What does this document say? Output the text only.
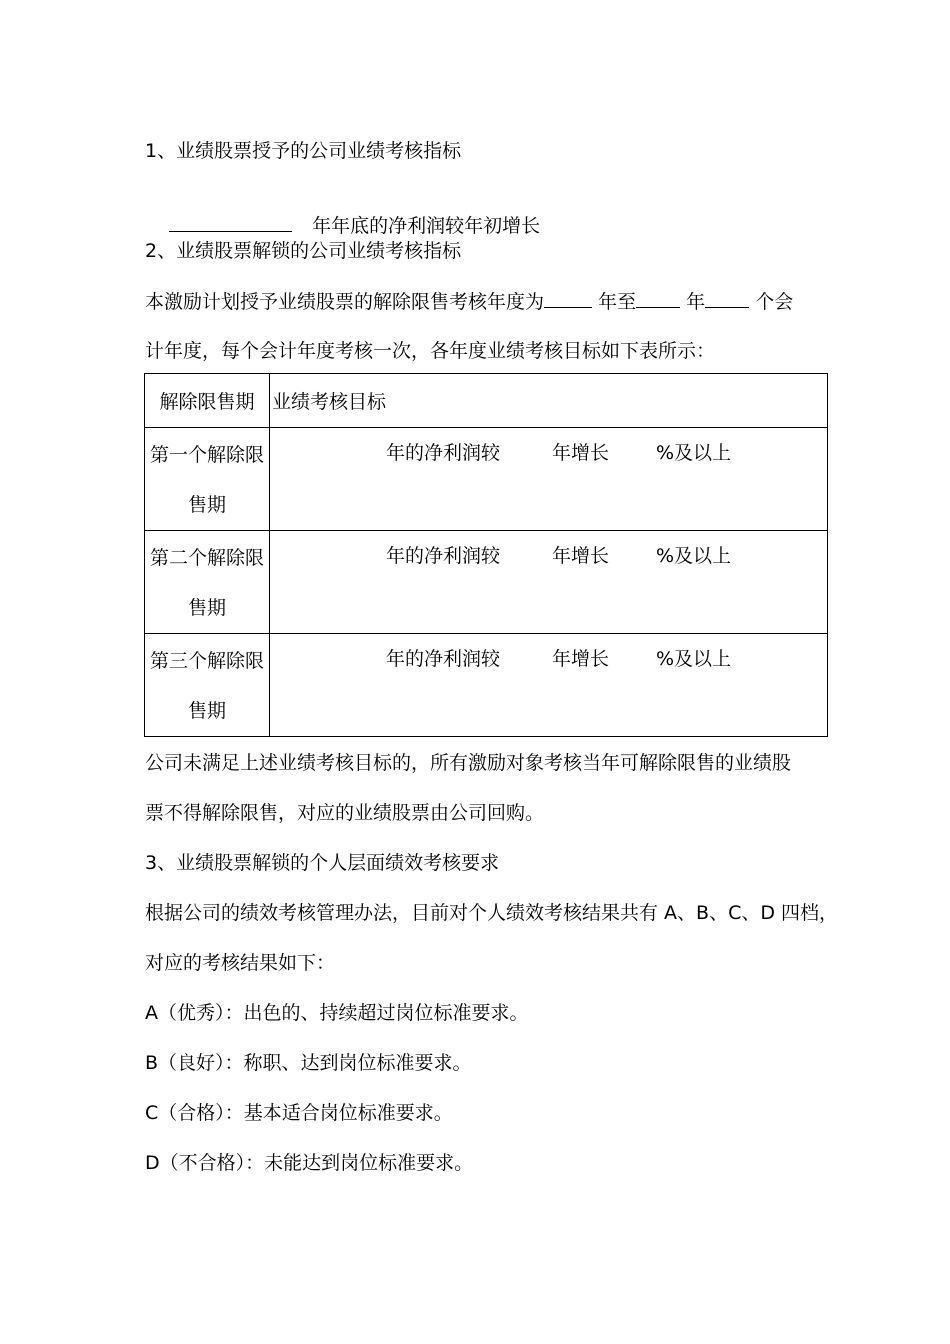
1、业绩股票授予的公司业绩考核指标

年年底的净利润较年初增长

2、业绩股票解锁的公司业绩考核指标
本激励计划授予业绩股票的解除限售考核年度为	年至	年	个会
计年度，每个会计年度考核一次，各年度业绩考核目标如下表所示：
解除限售期	业绩考核目标

第一个解除限
售期	年的净利润较 年增长 %及以上

第二个解除限
售期	年的净利润较 年增长 %及以上

第三个解除限
售期	年的净利润较 年增长 %及以上
公司未满足上述业绩考核目标的，所有激励对象考核当年可解除限售的业绩股
票不得解除限售，对应的业绩股票由公司回购。
3、业绩股票解锁的个人层面绩效考核要求
根据公司的绩效考核管理办法，目前对个人绩效考核结果共有 A、B、C、D 四档，
对应的考核结果如下：
A（优秀）：出色的、持续超过岗位标准要求。
B（良好）：称职、达到岗位标准要求。
C（合格）：基本适合岗位标准要求。
D（不合格）：未能达到岗位标准要求。
